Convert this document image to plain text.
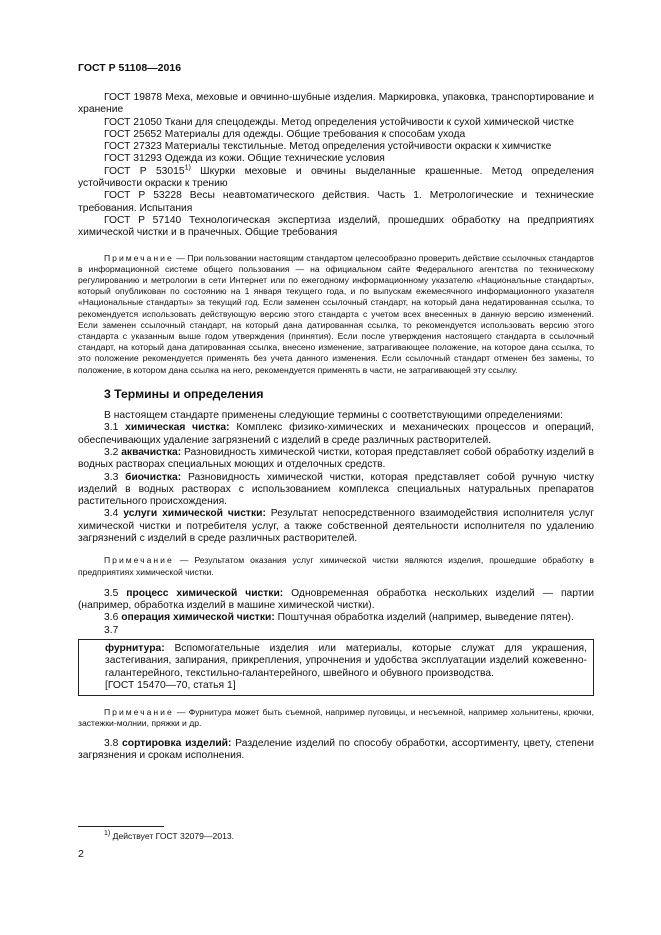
ГОСТ Р 51108—2016

ГОСТ 19878 Меха, меховые и овчинно-шубные изделия. Маркировка, упаковка, транспортирование и хранение

ГОСТ 21050 Ткани для спецодежды. Метод определения устойчивости к сухой химической чистке

ГОСТ 25652 Материалы для одежды. Общие требования к способам ухода

ГОСТ 27323 Материалы текстильные. Метод определения устойчивости окраски к химчистке

ГОСТ 31293 Одежда из кожи. Общие технические условия

ГОСТ Р 53015$^{1)}$ Шкурки меховые и овчины выделанные крашенные. Метод определения устойчивости окраски к трению

ГОСТ Р 53228 Весы неавтоматического действия. Часть 1. Метрологические и технические требования. Испытания

ГОСТ Р 57140 Технологическая экспертиза изделий, прошедших обработку на предприятиях химической чистки и в прачечных. Общие требования

Примечание — При пользовании настоящим стандартом целесообразно проверить действие ссылочных стандартов в информационной системе общего пользования — на официальном сайте Федерального агентства по техническому регулированию и метрологии в сети Интернет или по ежегодному информационному указателю «Национальные стандарты», который опубликован по состоянию на 1 января текущего года, и по выпускам ежемесячного информационного указателя «Национальные стандарты» за текущий год. Если заменен ссылочный стандарт, на который дана недатированная ссылка, то рекомендуется использовать действующую версию этого стандарта с учетом всех внесенных в данную версию изменений. Если заменен ссылочный стандарт, на который дана датированная ссылка, то рекомендуется использовать версию этого стандарта с указанным выше годом утверждения (принятия). Если после утверждения настоящего стандарта в ссылочный стандарт, на который дана датированная ссылка, внесено изменение, затрагивающее положение, на которое дана ссылка, то это положение рекомендуется применять без учета данного изменения. Если ссылочный стандарт отменен без замены, то положение, в котором дана ссылка на него, рекомендуется применять в части, не затрагивающей эту ссылку.

3 Термины и определения

В настоящем стандарте применены следующие термины с соответствующими определениями:

3.1 химическая чистка: Комплекс физико-химических и механических процессов и операций, обеспечивающих удаление загрязнений с изделий в среде различных растворителей.

3.2 аквачистка: Разновидность химической чистки, которая представляет собой обработку изделий в водных растворах специальных моющих и отделочных средств.

3.3 биочистка: Разновидность химической чистки, которая представляет собой ручную чистку изделий в водных растворах с использованием комплекса специальных натуральных препаратов растительного происхождения.

3.4 услуги химической чистки: Результат непосредственного взаимодействия исполнителя услуг химической чистки и потребителя услуг, а также собственной деятельности исполнителя по удалению загрязнений с изделий в среде различных растворителей.

Примечание — Результатом оказания услуг химической чистки являются изделия, прошедшие обработку в предприятиях химической чистки.

3.5 процесс химической чистки: Одновременная обработка нескольких изделий — партии (например, обработка изделий в машине химической чистки).

3.6 операция химической чистки: Поштучная обработка изделий (например, выведение пятен).

3.7

фурнитура: Вспомогательные изделия или материалы, которые служат для украшения, застегивания, запирания, прикрепления, упрочнения и удобства эксплуатации изделий кожевенно-галантерейного, текстильно-галантерейного, швейного и обувного производства.

[ГОСТ 15470—70, статья 1]

Примечание — Фурнитура может быть съемной, например пуговицы, и несъемной, например хольнитены, крючки, застежки-молнии, пряжки и др.

3.8 сортировка изделий: Разделение изделий по способу обработки, ассортименту, цвету, степени загрязнения и срокам исполнения.

$^{1)}$ Действует ГОСТ 32079—2013.
2
